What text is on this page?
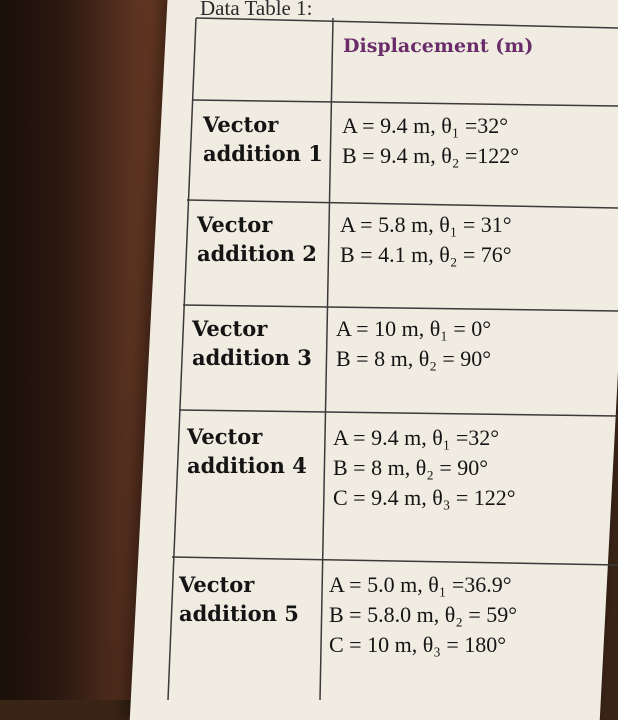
Data Table 1:
Displacement (m)
Vector
addition 1
A = 9.4 m, θ₁ =32°
B = 9.4 m, θ₂ =122°
Vector
addition 2
A = 5.8 m, θ₁ = 31°
B = 4.1 m, θ₂ = 76°
Vector
addition 3
A = 10 m, θ₁ = 0°
B = 8 m, θ₂ = 90°
Vector
addition 4
A = 9.4 m, θ₁ =32°
B = 8 m, θ₂ = 90°
C = 9.4 m, θ₃ = 122°
Vector
addition 5
A = 5.0 m, θ₁ =36.9°
B = 5.8.0 m, θ₂ = 59°
C = 10 m, θ₃ = 180°
